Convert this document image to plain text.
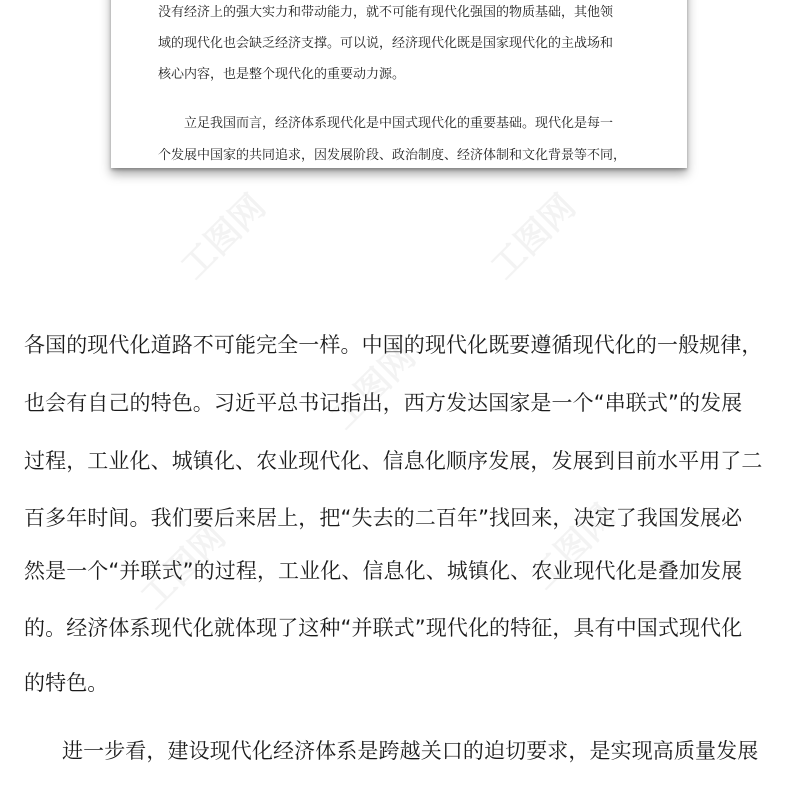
没有经济上的强大实力和带动能力，就不可能有现代化强国的物质基础，其他领
域的现代化也会缺乏经济支撑。可以说，经济现代化既是国家现代化的主战场和
核心内容，也是整个现代化的重要动力源。
立足我国而言，经济体系现代化是中国式现代化的重要基础。现代化是每一
个发展中国家的共同追求，因发展阶段、政治制度、经济体制和文化背景等不同，
工图网	工图网
工图网
工图网	工图网
各国的现代化道路不可能完全一样。中国的现代化既要遵循现代化的一般规律，
也会有自己的特色。习近平总书记指出，西方发达国家是一个“串联式”的发展
过程，工业化、城镇化、农业现代化、信息化顺序发展，发展到目前水平用了二
百多年时间。我们要后来居上，把“失去的二百年”找回来，决定了我国发展必
然是一个“并联式”的过程，工业化、信息化、城镇化、农业现代化是叠加发展
的。经济体系现代化就体现了这种“并联式”现代化的特征，具有中国式现代化
的特色。
进一步看，建设现代化经济体系是跨越关口的迫切要求，是实现高质量发展
